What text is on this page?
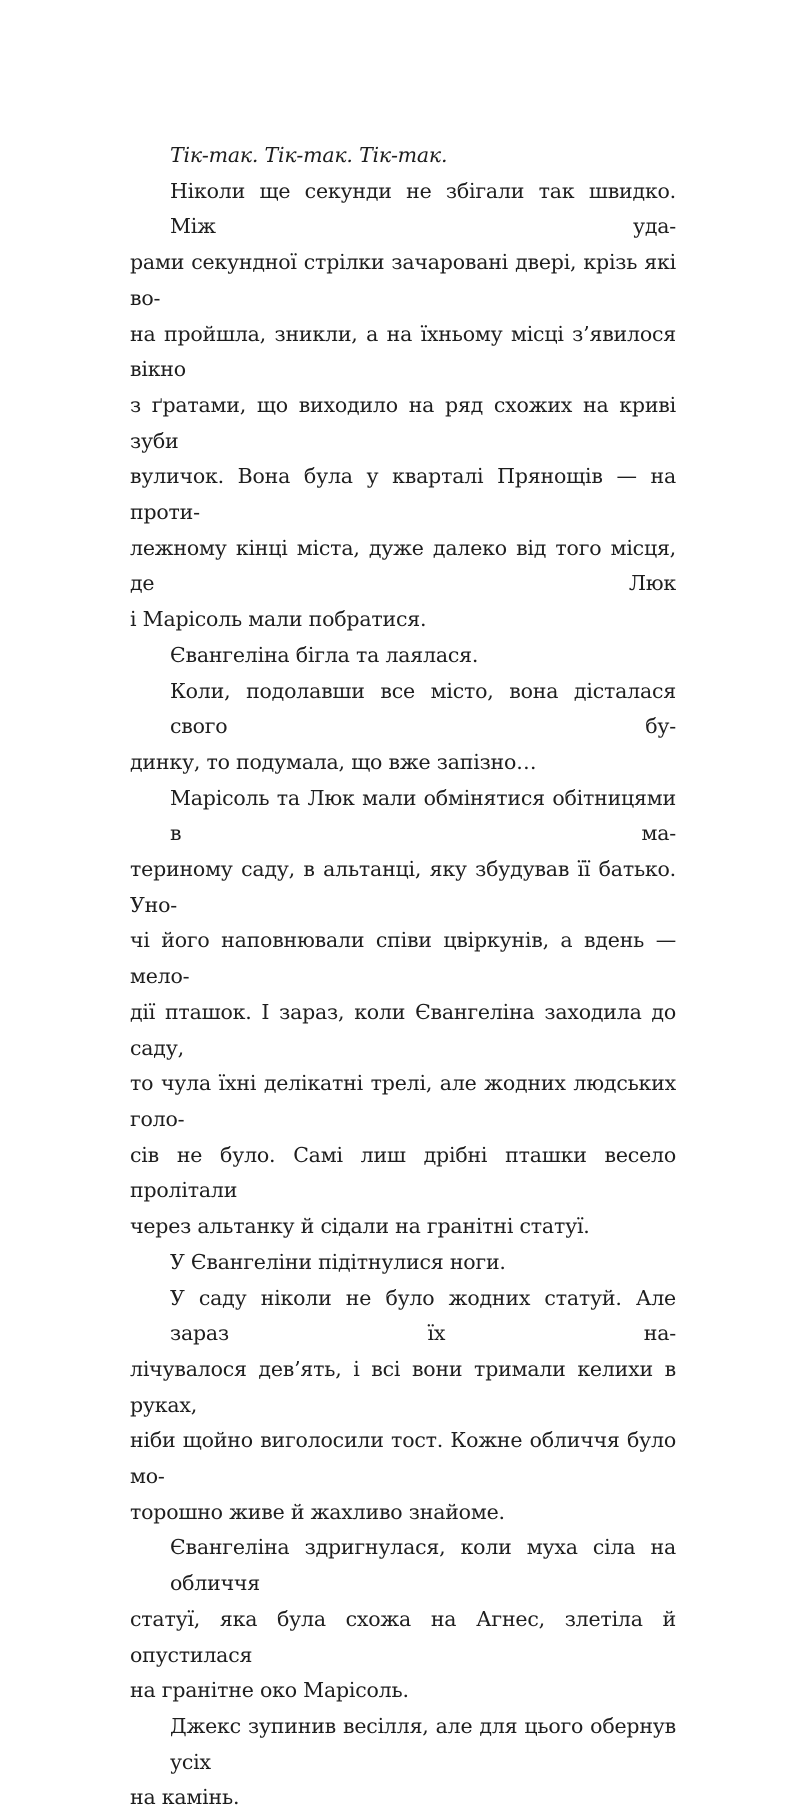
Тік-так. Тік-так. Тік-так.
Ніколи ще секунди не збігали так швидко. Між уда-
рами секундної стрілки зачаровані двері, крізь які во-
на пройшла, зникли, а на їхньому місці з’явилося вікно
з ґратами, що виходило на ряд схожих на криві зуби
вуличок. Вона була у кварталі Прянощів — на проти-
лежному кінці міста, дуже далеко від того місця, де Люк
і Марісоль мали побратися.
Євангеліна бігла та лаялася.
Коли, подолавши все місто, вона дісталася свого бу-
динку, то подумала, що вже запізно…
Марісоль та Люк мали обмінятися обітницями в ма-
териному саду, в альтанці, яку збудував її батько. Уно-
чі його наповнювали співи цвіркунів, а вдень — мело-
дії пташок. І зараз, коли Євангеліна заходила до саду,
то чула їхні делікатні трелі, але жодних людських голо-
сів не було. Самі лиш дрібні пташки весело пролітали
через альтанку й сідали на гранітні статуї.
У Євангеліни підітнулися ноги.
У саду ніколи не було жодних статуй. Але зараз їх на-
лічувалося дев’ять, і всі вони тримали келихи в руках,
ніби щойно виголосили тост. Кожне обличчя було мо-
торошно живе й жахливо знайоме.
Євангеліна здригнулася, коли муха сіла на обличчя
статуї, яка була схожа на Агнес, злетіла й опустилася
на гранітне око Марісоль.
Джекс зупинив весілля, але для цього обернув усіх
на камінь.
